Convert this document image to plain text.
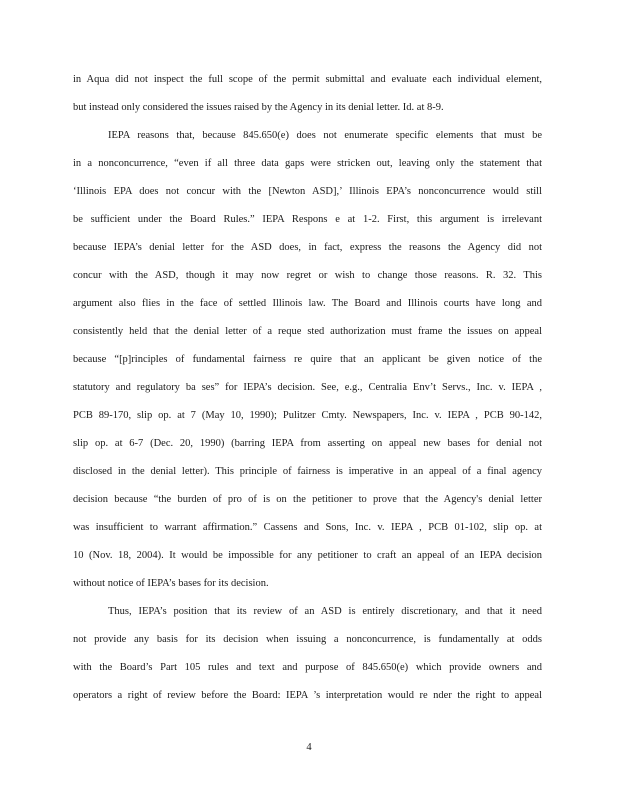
in Aqua did not inspect the full scope of the permit submittal and evaluate each individual element,
but instead only considered the issues raised by the Agency in its denial letter. Id. at 8-9.
IEPA reasons that, because 845.650(e) does not enumerate specific elements that must be
in a nonconcurrence, “even if all three data gaps were stricken out, leaving only the statement that
‘Illinois EPA does not concur with the [Newton ASD],’ Illinois EPA’s nonconcurrence would still
be sufficient under the Board Rules.” IEPA Respons e at 1-2. First, this argument is irrelevant
because IEPA’s denial letter for the ASD does, in fact, express the reasons the Agency did not
concur with the ASD, though it may now regret or wish to change those reasons. R. 32. This
argument also flies in the face of settled Illinois law. The Board and Illinois courts have long and
consistently held that the denial letter of a reque sted authorization must frame the issues on appeal
because “[p]rinciples of fundamental fairness re quire that an applicant be given notice of the
statutory and regulatory ba ses” for IEPA’s decision. See, e.g., Centralia Env’t Servs., Inc. v. IEPA ,
PCB 89-170, slip op. at 7 (May 10, 1990); Pulitzer Cmty. Newspapers, Inc. v. IEPA , PCB 90-142,
slip op. at 6-7 (Dec. 20, 1990) (barring IEPA from asserting on appeal new bases for denial not
disclosed in the denial letter). This principle of fairness is imperative in an appeal of a final agency
decision because “the burden of pro of is on the petitioner to prove that the Agency's denial letter
was insufficient to warrant affirmation.” Cassens and Sons, Inc. v. IEPA , PCB 01-102, slip op. at
10 (Nov. 18, 2004). It would be impossible for any petitioner to craft an appeal of an IEPA decision
without notice of IEPA’s bases for its decision.
Thus, IEPA’s position that its review of an ASD is entirely discretionary, and that it need
not provide any basis for its decision when issuing a nonconcurrence, is fundamentally at odds
with the Board’s Part 105 rules and text and purpose of 845.650(e) which provide owners and
operators a right of review before the Board: IEPA ’s interpretation would re nder the right to appeal
4
